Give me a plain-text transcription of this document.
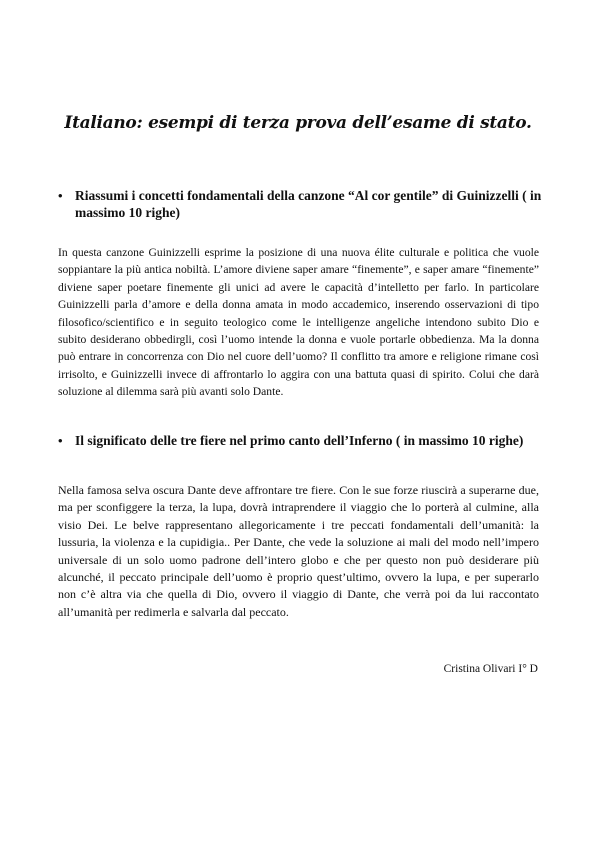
Italiano: esempi di terza prova dell’esame di stato.
• Riassumi i concetti fondamentali della canzone “Al cor gentile” di Guinizzelli ( in massimo 10 righe)

In questa canzone Guinizzelli esprime la posizione di una nuova élite culturale e politica che vuole soppiantare la più antica nobiltà. L’amore diviene saper amare “finemente”, e saper amare “finemente” diviene saper poetare finemente gli unici ad avere le capacità d’intelletto per farlo. In particolare Guinizzelli parla d’amore e della donna amata in modo accademico, inserendo osservazioni di tipo filosofico/scientifico e in seguito teologico come le intelligenze angeliche intendono subito Dio e subito desiderano obbedirgli, così l’uomo intende la donna e vuole portarle obbedienza. Ma la donna può entrare in concorrenza con Dio nel cuore dell’uomo? Il conflitto tra amore e religione rimane così irrisolto, e Guinizzelli invece di affrontarlo lo aggira con una battuta quasi di spirito. Colui che darà soluzione al dilemma sarà più avanti solo Dante.

• Il significato delle tre fiere nel primo canto dell’Inferno ( in massimo 10 righe)

Nella famosa selva oscura Dante deve affrontare tre fiere. Con le sue forze riuscirà a superarne due, ma per sconfiggere la terza, la lupa, dovrà intraprendere il viaggio che lo porterà al culmine, alla visio Dei. Le belve rappresentano allegoricamente i tre peccati fondamentali dell’umanità: la lussuria, la violenza e la cupidigia.. Per Dante, che vede la soluzione ai mali del modo nell’impero universale di un solo uomo padrone dell’intero globo e che per questo non può desiderare più alcunché, il peccato principale dell’uomo è proprio quest’ultimo, ovvero la lupa, e per superarlo non c’è altra via che quella di Dio, ovvero il viaggio di Dante, che verrà poi da lui raccontato all’umanità per redimerla e salvarla dal peccato.

Cristina Olivari I° D
